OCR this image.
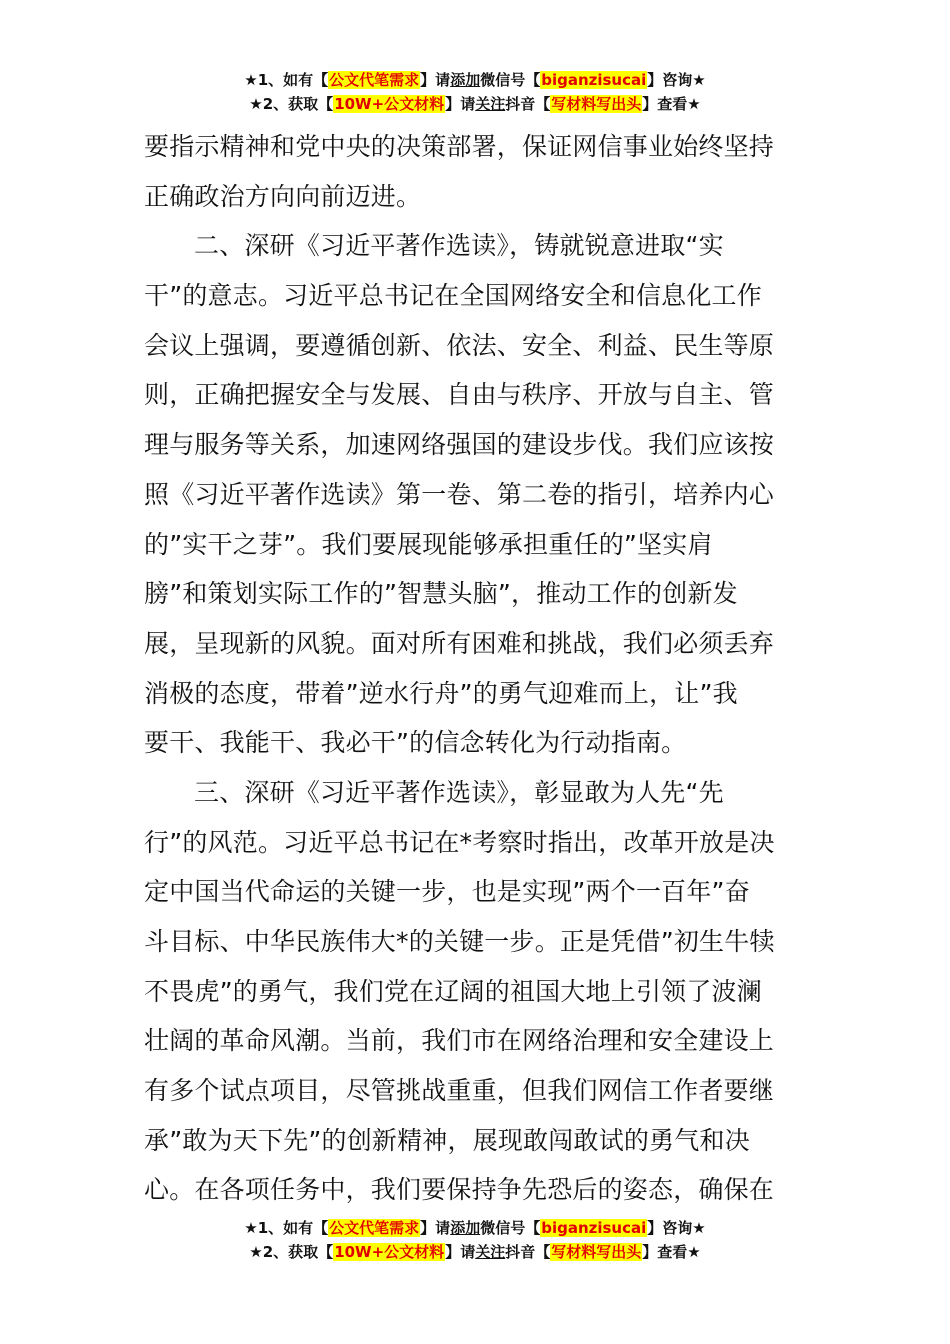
★1、如有【公文代笔需求】请添加微信号【biganzisucai】咨询★
★2、获取【10W+公文材料】请关注抖音【写材料写出头】查看★
要指示精神和党中央的决策部署，保证网信事业始终坚持
正确政治方向向前迈进。
二、深研《习近平著作选读》，铸就锐意进取“实
干”的意志。习近平总书记在全国网络安全和信息化工作
会议上强调，要遵循创新、依法、安全、利益、民生等原
则，正确把握安全与发展、自由与秩序、开放与自主、管
理与服务等关系，加速网络强国的建设步伐。我们应该按
照《习近平著作选读》第一卷、第二卷的指引，培养内心
的”实干之芽”。我们要展现能够承担重任的”坚实肩
膀”和策划实际工作的”智慧头脑”，推动工作的创新发
展，呈现新的风貌。面对所有困难和挑战，我们必须丢弃
消极的态度，带着”逆水行舟”的勇气迎难而上，让”我
要干、我能干、我必干”的信念转化为行动指南。
三、深研《习近平著作选读》，彰显敢为人先“先
行”的风范。习近平总书记在*考察时指出，改革开放是决
定中国当代命运的关键一步，也是实现”两个一百年”奋
斗目标、中华民族伟大*的关键一步。正是凭借”初生牛犊
不畏虎”的勇气，我们党在辽阔的祖国大地上引领了波澜
壮阔的革命风潮。当前，我们市在网络治理和安全建设上
有多个试点项目，尽管挑战重重，但我们网信工作者要继
承”敢为天下先”的创新精神，展现敢闯敢试的勇气和决
心。在各项任务中，我们要保持争先恐后的姿态，确保在
★1、如有【公文代笔需求】请添加微信号【biganzisucai】咨询★
★2、获取【10W+公文材料】请关注抖音【写材料写出头】查看★
